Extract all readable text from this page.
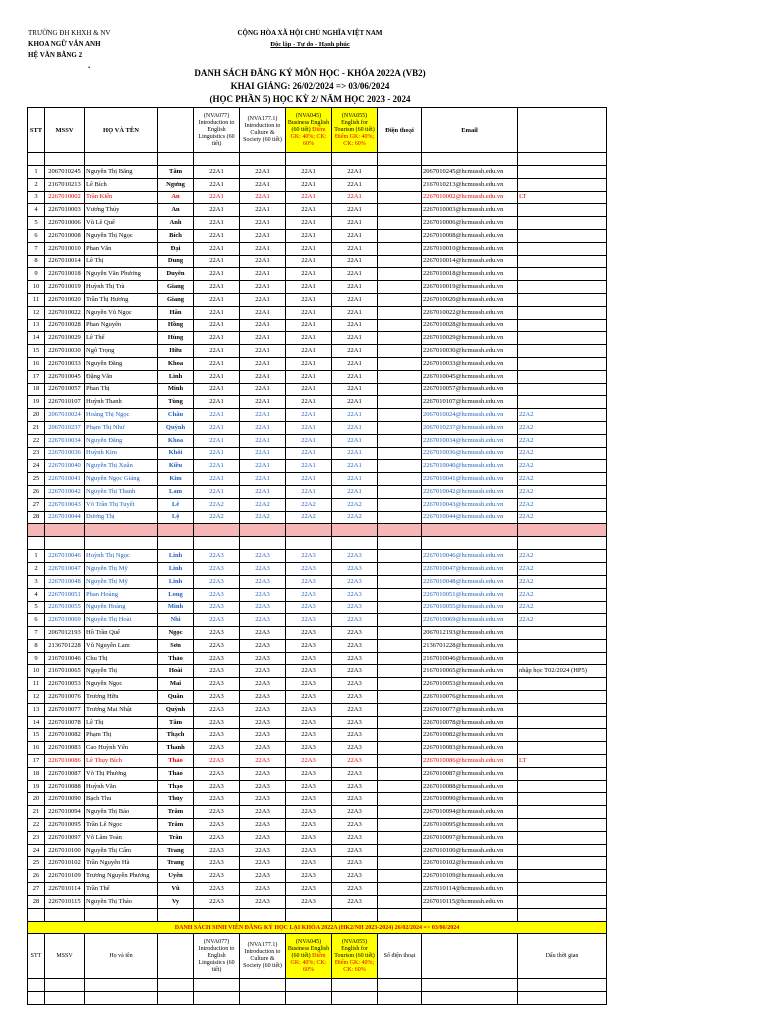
TRƯỜNG ĐH KHXH & NV
KHOA NGỮ VĂN ANH
HỆ VĂN BẰNG 2
CỘNG HÒA XÃ HỘI CHỦ NGHĨA VIỆT NAM
Độc lập - Tự do - Hạnh phúc
.
DANH SÁCH ĐĂNG KÝ MÔN HỌC - KHÓA 2022A (VB2)
KHAI GIẢNG: 26/02/2024 => 03/06/2024
(HỌC PHẦN 5) HỌC KỲ 2/ NĂM HỌC 2023 - 2024
STT	MSSV	HỌ VÀ TÊN		(NVA077) Introduction to English Linguistics (60 tiết)	(NVA177.1) Introduction to Culture & Society (60 tiết)	(NVA045) Business English (60 tiết) Điểm GK: 40%; CK: 60%	(NVA055) English for Tourism (60 tiết) Điểm GK: 40%; CK: 60%	Điện thoại	Email	

1	2067010245	Nguyễn Thị Băng	Tâm	22A1	22A1	22A1	22A1		2067010245@hcmussh.edu.vn	
2	2167010213	Lê Bích	Ngưng	22A1	22A1	22A1	22A1		2167010213@hcmussh.edu.vn	
3	2267010002	Trần Kiến	An	22A1	22A1	22A1	22A1		2267010002@hcmussh.edu.vn	LT
4	2267010003	Vương Thúy	An	22A1	22A1	22A1	22A1		2267010003@hcmussh.edu.vn	
5	2267010006	Vũ Lê Quế	Anh	22A1	22A1	22A1	22A1		2267010006@hcmussh.edu.vn	
6	2267010008	Nguyễn Thị Ngọc	Bích	22A1	22A1	22A1	22A1		2267010008@hcmussh.edu.vn	
7	2267010010	Phan Văn	Đại	22A1	22A1	22A1	22A1		2267010010@hcmussh.edu.vn	
8	2267010014	Lê Thị	Dung	22A1	22A1	22A1	22A1		2267010014@hcmussh.edu.vn	
9	2267010018	Nguyễn Văn Phương	Duyên	22A1	22A1	22A1	22A1		2267010018@hcmussh.edu.vn	
10	2267010019	Huỳnh Thị Trà	Giang	22A1	22A1	22A1	22A1		2267010019@hcmussh.edu.vn	
11	2267010020	Trần Thị Hương	Giang	22A1	22A1	22A1	22A1		2267010020@hcmussh.edu.vn	
12	2267010022	Nguyễn Vũ Ngọc	Hân	22A1	22A1	22A1	22A1		2267010022@hcmussh.edu.vn	
13	2267010028	Phan Nguyên	Hồng	22A1	22A1	22A1	22A1		2267010028@hcmussh.edu.vn	
14	2267010029	Lê Thế	Hùng	22A1	22A1	22A1	22A1		2267010029@hcmussh.edu.vn	
15	2267010030	Ngô Trọng	Hữu	22A1	22A1	22A1	22A1		2267010030@hcmussh.edu.vn	
16	2267010033	Nguyễn Đăng	Khoa	22A1	22A1	22A1	22A1		2267010033@hcmussh.edu.vn	
17	2267010045	Đặng Văn	Linh	22A1	22A1	22A1	22A1		2267010045@hcmussh.edu.vn	
18	2267010057	Phan Thị	Minh	22A1	22A1	22A1	22A1		2267010057@hcmussh.edu.vn	
19	2267010107	Huỳnh Thanh	Tùng	22A1	22A1	22A1	22A1		2267010107@hcmussh.edu.vn	
20	2067010024	Hoàng Thị Ngọc	Châu	22A1	22A1	22A1	22A1		2067010024@hcmussh.edu.vn	22A2
21	2067010237	Phạm Thị Như	Quỳnh	22A1	22A1	22A1	22A1		2067010237@hcmussh.edu.vn	22A2
22	2267010034	Nguyễn Đăng	Khoa	22A1	22A1	22A1	22A1		2267010034@hcmussh.edu.vn	22A2
23	2267010036	Huỳnh Kim	Khôi	22A1	22A1	22A1	22A1		2267010036@hcmussh.edu.vn	22A2
24	2267010040	Nguyễn Thị Xuân	Kiều	22A1	22A1	22A1	22A1		2267010040@hcmussh.edu.vn	22A2
25	2267010041	Nguyễn Ngọc Giáng	Kim	22A1	22A1	22A1	22A1		2267010041@hcmussh.edu.vn	22A2
26	2267010042	Nguyễn Thị Thanh	Lam	22A1	22A1	22A1	22A1		2267010042@hcmussh.edu.vn	22A2
27	2267010043	Võ Trần Thị Tuyết	Lê	22A2	22A2	22A2	22A2		2267010043@hcmussh.edu.vn	22A2
28	2267010044	Dương Thị	Lệ	22A2	22A2	22A2	22A2		2267010044@hcmussh.edu.vn	22A2

1	2267010046	Huỳnh Thị Ngọc	Linh	22A3	22A3	22A3	22A3		2267010046@hcmussh.edu.vn	22A2
2	2267010047	Nguyễn Thị Mỹ	Linh	22A3	22A3	22A3	22A3		2267010047@hcmussh.edu.vn	22A2
3	2267010048	Nguyễn Thị Mỹ	Linh	22A3	22A3	22A3	22A3		2267010048@hcmussh.edu.vn	22A2
4	2267010051	Phan Hoàng	Long	22A3	22A3	22A3	22A3		2267010051@hcmussh.edu.vn	22A2
5	2267010055	Nguyễn Hoàng	Minh	22A3	22A3	22A3	22A3		2267010055@hcmussh.edu.vn	22A2
6	2267010069	Nguyễn Thị Hoài	Nhi	22A3	22A3	22A3	22A3		2267010069@hcmussh.edu.vn	22A2
7	2067012193	Hồ Trần Quế	Ngọc	22A3	22A3	22A3	22A3		2067012193@hcmussh.edu.vn	
8	2136701228	Vũ Nguyễn Lam	Sơn	22A3	22A3	22A3	22A3		2136701228@hcmussh.edu.vn	
9	2167010046	Chu Thị	Thảo	22A3	22A3	22A3	22A3		2167010046@hcmussh.edu.vn	
10	2167010065	Nguyễn Thị	Hoài	22A3	22A3	22A3	22A3		2167010065@hcmussh.edu.vn	nhập học T02/2024 (HP5)
11	2267010053	Nguyễn Ngọc	Mai	22A3	22A3	22A3	22A3		2267010053@hcmussh.edu.vn	
12	2267010076	Trương Hữu	Quân	22A3	22A3	22A3	22A3		2267010076@hcmussh.edu.vn	
13	2267010077	Trương Mai Nhật	Quỳnh	22A3	22A3	22A3	22A3		2267010077@hcmussh.edu.vn	
14	2267010078	Lê Thị	Tâm	22A3	22A3	22A3	22A3		2267010078@hcmussh.edu.vn	
15	2267010082	Phạm Thị	Thạch	22A3	22A3	22A3	22A3		2267010082@hcmussh.edu.vn	
16	2267010083	Cao Huỳnh Yến	Thanh	22A3	22A3	22A3	22A3		2267010083@hcmussh.edu.vn	
17	2267010086	Lê Thụy Bích	Thảo	22A3	22A3	22A3	22A3		2267010086@hcmussh.edu.vn	LT
18	2267010087	Võ Thị Phương	Thảo	22A3	22A3	22A3	22A3		2267010087@hcmussh.edu.vn	
19	2267010088	Huỳnh Văn	Thạo	22A3	22A3	22A3	22A3		2267010088@hcmussh.edu.vn	
20	2267010090	Bạch Thu	Thủy	22A3	22A3	22A3	22A3		2267010090@hcmussh.edu.vn	
21	2267010094	Nguyễn Thị Bảo	Trâm	22A3	22A3	22A3	22A3		2267010094@hcmussh.edu.vn	
22	2267010095	Trần Lê Ngọc	Trâm	22A3	22A3	22A3	22A3		2267010095@hcmussh.edu.vn	
23	2267010097	Võ Lâm Toàn	Trân	22A3	22A3	22A3	22A3		2267010097@hcmussh.edu.vn	
24	2267010100	Nguyễn Thị Cẩm	Trang	22A3	22A3	22A3	22A3		2267010100@hcmussh.edu.vn	
25	2267010102	Trần Nguyễn Hà	Trang	22A3	22A3	22A3	22A3		2267010102@hcmussh.edu.vn	
26	2267010109	Trương Nguyễn Phương	Uyên	22A3	22A3	22A3	22A3		2267010109@hcmussh.edu.vn	
27	2267010114	Trần Thế	Vũ	22A3	22A3	22A3	22A3		2267010114@hcmussh.edu.vn	
28	2267010115	Nguyễn Thị Thảo	Vy	22A3	22A3	22A3	22A3		2267010115@hcmussh.edu.vn	

DANH SÁCH SINH VIÊN ĐĂNG KÝ HỌC LẠI KHÓA 2022A (HK2/NH 2023-2024) 26/02/2024 => 03/06/2024										
STT	MSSV	Họ và tên		(NVA077) Introduction to English Linguistics (60 tiết)	(NVA177.1) Introduction to Culture & Society (60 tiết)	(NVA045) Business English (60 tiết) Điểm GK: 40%; CK: 60%	(NVA055) English for Tourism (60 tiết) Điểm GK: 40%; CK: 60%	Số điện thoại		Dấu thời gian
